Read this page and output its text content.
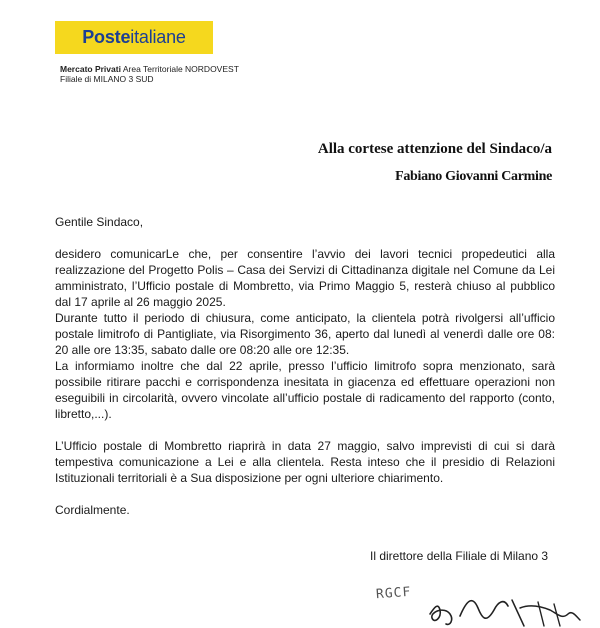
Poste italiane
Mercato Privati Area Territoriale NORDOVEST
Filiale di MILANO 3 SUD
Alla cortese attenzione del Sindaco/a
Fabiano Giovanni Carmine

Gentile Sindaco,

desidero comunicarLe che, per consentire l’avvio dei lavori tecnici propedeutici alla realizzazione del Progetto Polis – Casa dei Servizi di Cittadinanza digitale nel Comune da Lei amministrato, l’Ufficio postale di Mombretto, via Primo Maggio 5, resterà chiuso al pubblico dal 17 aprile al 26 maggio 2025.

Durante tutto il periodo di chiusura, come anticipato, la clientela potrà rivolgersi all’ufficio postale limitrofo di Pantigliate, via Risorgimento 36, aperto dal lunedì al venerdì dalle ore 08: 20 alle ore 13:35, sabato dalle ore 08:20 alle ore 12:35.

La informiamo inoltre che dal 22 aprile, presso l’ufficio limitrofo sopra menzionato, sarà possibile ritirare pacchi e corrispondenza inesitata in giacenza ed effettuare operazioni non eseguibili in circolarità, ovvero vincolate all’ufficio postale di radicamento del rapporto (conto, libretto,...).

L’Ufficio postale di Mombretto riaprirà in data 27 maggio, salvo imprevisti di cui si darà tempestiva comunicazione a Lei e alla clientela. Resta inteso che il presidio di Relazioni Istituzionali territoriali è a Sua disposizione per ogni ulteriore chiarimento.

Cordialmente.

Il direttore della Filiale di Milano 3
RGCF
